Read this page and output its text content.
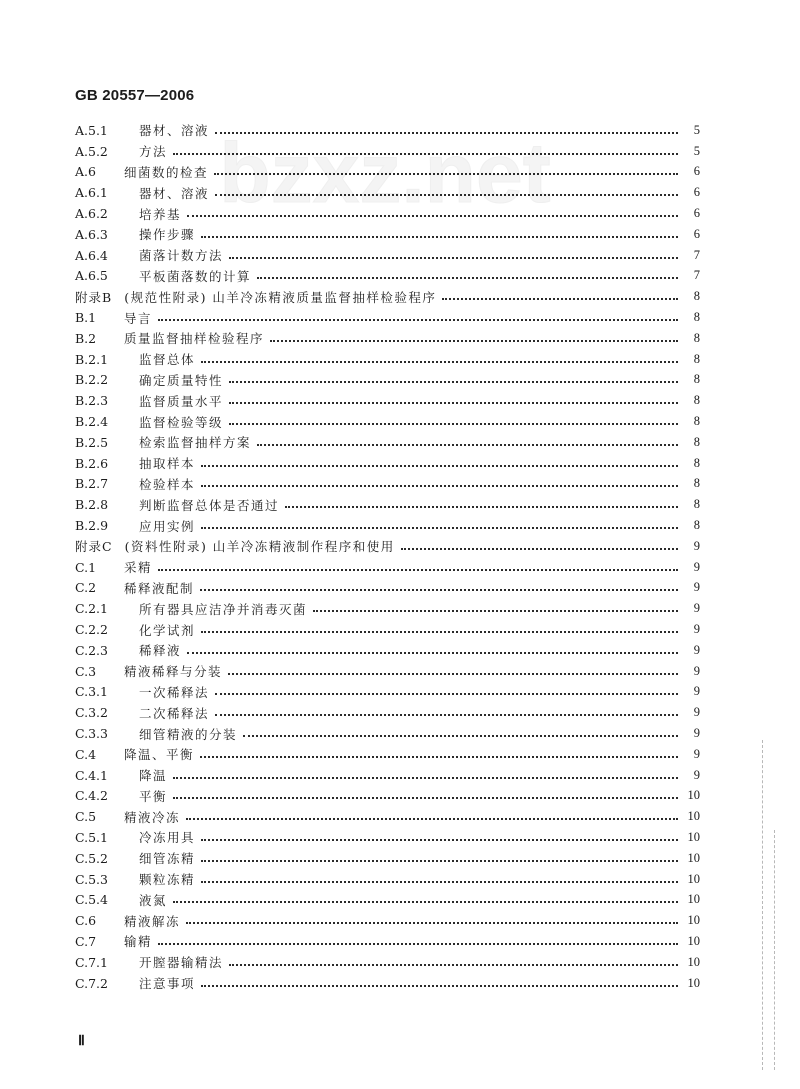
GB 20557—2006
bzxz.net
A.5.1	器材、溶液	5
A.5.2	方法	5
A.6	细菌数的检查	6
A.6.1	器材、溶液	6
A.6.2	培养基	6
A.6.3	操作步骤	6
A.6.4	菌落计数方法	7
A.6.5	平板菌落数的计算	7
附录B (规范性附录) 山羊冷冻精液质量监督抽样检验程序	8
B.1	导言	8
B.2	质量监督抽样检验程序	8
B.2.1	监督总体	8
B.2.2	确定质量特性	8
B.2.3	监督质量水平	8
B.2.4	监督检验等级	8
B.2.5	检索监督抽样方案	8
B.2.6	抽取样本	8
B.2.7	检验样本	8
B.2.8	判断监督总体是否通过	8
B.2.9	应用实例	8
附录C (资料性附录) 山羊冷冻精液制作程序和使用	9
C.1	采精	9
C.2	稀释液配制	9
C.2.1	所有器具应洁净并消毒灭菌	9
C.2.2	化学试剂	9
C.2.3	稀释液	9
C.3	精液稀释与分装	9
C.3.1	一次稀释法	9
C.3.2	二次稀释法	9
C.3.3	细管精液的分装	9
C.4	降温、平衡	9
C.4.1	降温	9
C.4.2	平衡	10
C.5	精液冷冻	10
C.5.1	冷冻用具	10
C.5.2	细管冻精	10
C.5.3	颗粒冻精	10
C.5.4	液氮	10
C.6	精液解冻	10
C.7	输精	10
C.7.1	开膣器输精法	10
C.7.2	注意事项	10
Ⅱ
